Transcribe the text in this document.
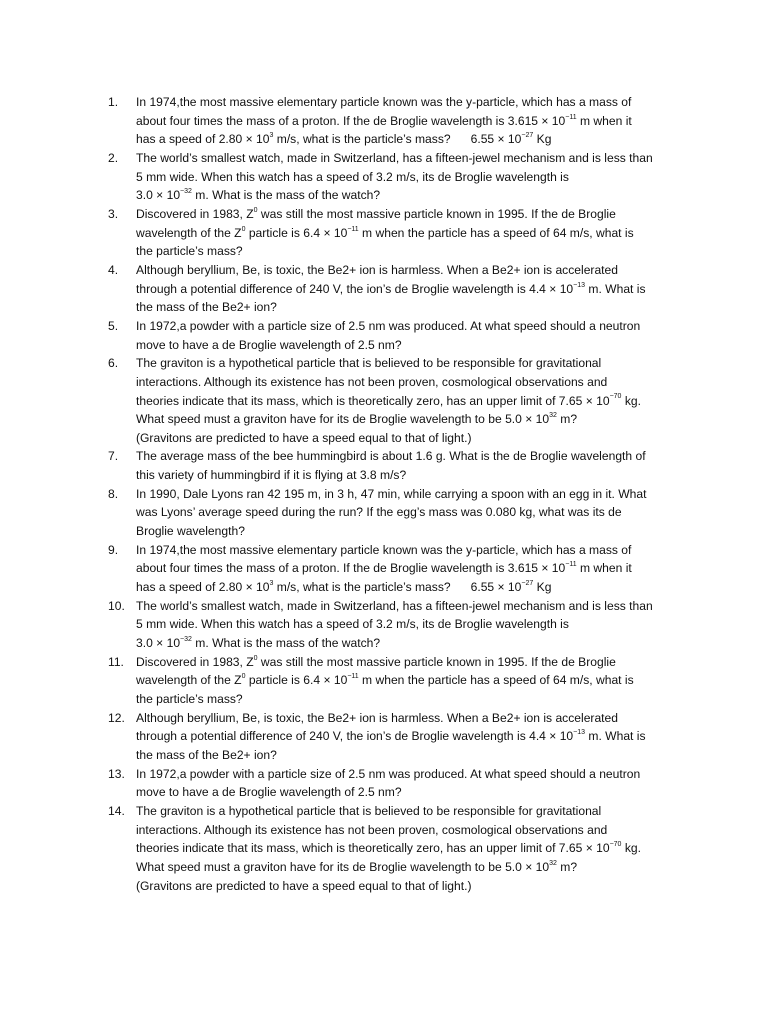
1.	In 1974,the most massive elementary particle known was the y-particle, which has a mass of
about four times the mass of a proton. If the de Broglie wavelength is $3.615 \times 10^{-11}$ m when it
has a speed of $2.80 \times 10^3$ m/s, what is the particle’s mass? $6.55 \times 10^{-27}$ Kg
2.	The world’s smallest watch, made in Switzerland, has a fifteen-jewel mechanism and is less than
5 mm wide. When this watch has a speed of 3.2 m/s, its de Broglie wavelength is
$3.0 \times 10^{-32}$ m. What is the mass of the watch?
3.	Discovered in 1983, $Z^0$ was still the most massive particle known in 1995. If the de Broglie
wavelength of the $Z^0$ particle is $6.4 \times 10^{-11}$ m when the particle has a speed of 64 m/s, what is
the particle’s mass?
4.	Although beryllium, Be, is toxic, the Be2+ ion is harmless. When a Be2+ ion is accelerated
through a potential difference of 240 V, the ion’s de Broglie wavelength is $4.4 \times 10^{-13}$ m. What is
the mass of the Be2+ ion?
5.	In 1972,a powder with a particle size of 2.5 nm was produced. At what speed should a neutron
move to have a de Broglie wavelength of 2.5 nm?
6.	The graviton is a hypothetical particle that is believed to be responsible for gravitational
interactions. Although its existence has not been proven, cosmological observations and
theories indicate that its mass, which is theoretically zero, has an upper limit of $7.65 \times 10^{-70}$ kg.
What speed must a graviton have for its de Broglie wavelength to be $5.0 \times 10^{32}$ m?
(Gravitons are predicted to have a speed equal to that of light.)
7.	The average mass of the bee hummingbird is about 1.6 g. What is the de Broglie wavelength of
this variety of hummingbird if it is flying at 3.8 m/s?
8.	In 1990, Dale Lyons ran 42 195 m, in 3 h, 47 min, while carrying a spoon with an egg in it. What
was Lyons’ average speed during the run? If the egg’s mass was 0.080 kg, what was its de
Broglie wavelength?
9.	In 1974,the most massive elementary particle known was the y-particle, which has a mass of
about four times the mass of a proton. If the de Broglie wavelength is $3.615 \times 10^{-11}$ m when it
has a speed of $2.80 \times 10^3$ m/s, what is the particle’s mass? $6.55 \times 10^{-27}$ Kg
10. The world’s smallest watch, made in Switzerland, has a fifteen-jewel mechanism and is less than
5 mm wide. When this watch has a speed of 3.2 m/s, its de Broglie wavelength is
$3.0 \times 10^{-32}$ m. What is the mass of the watch?
11. Discovered in 1983, $Z^0$ was still the most massive particle known in 1995. If the de Broglie
wavelength of the $Z^0$ particle is $6.4 \times 10^{-11}$ m when the particle has a speed of 64 m/s, what is
the particle’s mass?
12. Although beryllium, Be, is toxic, the Be2+ ion is harmless. When a Be2+ ion is accelerated
through a potential difference of 240 V, the ion’s de Broglie wavelength is $4.4 \times 10^{-13}$ m. What is
the mass of the Be2+ ion?
13. In 1972,a powder with a particle size of 2.5 nm was produced. At what speed should a neutron
move to have a de Broglie wavelength of 2.5 nm?
14. The graviton is a hypothetical particle that is believed to be responsible for gravitational
interactions. Although its existence has not been proven, cosmological observations and
theories indicate that its mass, which is theoretically zero, has an upper limit of $7.65 \times 10^{-70}$ kg.
What speed must a graviton have for its de Broglie wavelength to be $5.0 \times 10^{32}$ m?
(Gravitons are predicted to have a speed equal to that of light.)
